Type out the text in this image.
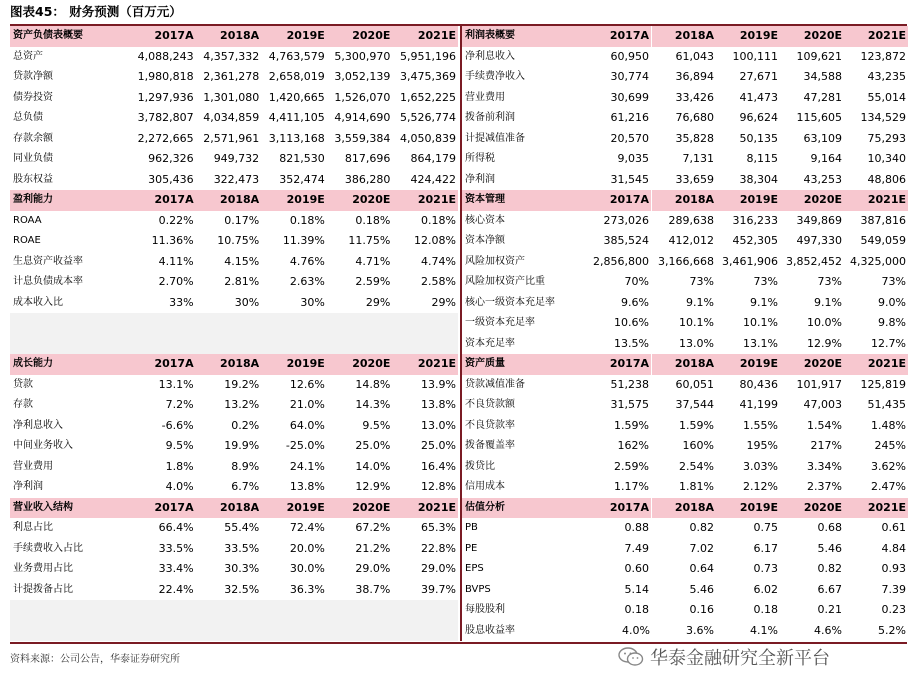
图表45： 财务预测（百万元）
资产负债表概要	2017A	2018A	2019E	2020E	2021E
总资产	4,088,243	4,357,332	4,763,579	5,300,970	5,951,196
贷款净额	1,980,818	2,361,278	2,658,019	3,052,139	3,475,369
债券投资	1,297,936	1,301,080	1,420,665	1,526,070	1,652,225
总负债	3,782,807	4,034,859	4,411,105	4,914,690	5,526,774
存款余额	2,272,665	2,571,961	3,113,168	3,559,384	4,050,839
同业负债	962,326	949,732	821,530	817,696	864,179
股东权益	305,436	322,473	352,474	386,280	424,422
盈利能力	2017A	2018A	2019E	2020E	2021E
ROAA	0.22%	0.17%	0.18%	0.18%	0.18%
ROAE	11.36%	10.75%	11.39%	11.75%	12.08%
生息资产收益率	4.11%	4.15%	4.76%	4.71%	4.74%
计息负债成本率	2.70%	2.81%	2.63%	2.59%	2.58%
成本收入比	33%	30%	30%	29%	29%

成长能力	2017A	2018A	2019E	2020E	2021E
贷款	13.1%	19.2%	12.6%	14.8%	13.9%
存款	7.2%	13.2%	21.0%	14.3%	13.8%
净利息收入	-6.6%	0.2%	64.0%	9.5%	13.0%
中间业务收入	9.5%	19.9%	-25.0%	25.0%	25.0%
营业费用	1.8%	8.9%	24.1%	14.0%	16.4%
净利润	4.0%	6.7%	13.8%	12.9%	12.8%
营业收入结构	2017A	2018A	2019E	2020E	2021E
利息占比	66.4%	55.4%	72.4%	67.2%	65.3%
手续费收入占比	33.5%	33.5%	20.0%	21.2%	22.8%
业务费用占比	33.4%	30.3%	30.0%	29.0%	29.0%
计提拨备占比	22.4%	32.5%	36.3%	38.7%	39.7%

利润表概要	2017A	2018A	2019E	2020E	2021E
净利息收入	60,950	61,043	100,111	109,621	123,872
手续费净收入	30,774	36,894	27,671	34,588	43,235
营业费用	30,699	33,426	41,473	47,281	55,014
拨备前利润	61,216	76,680	96,624	115,605	134,529
计提减值准备	20,570	35,828	50,135	63,109	75,293
所得税	9,035	7,131	8,115	9,164	10,340
净利润	31,545	33,659	38,304	43,253	48,806
资本管理	2017A	2018A	2019E	2020E	2021E
核心资本	273,026	289,638	316,233	349,869	387,816
资本净额	385,524	412,012	452,305	497,330	549,059
风险加权资产	2,856,800	3,166,668	3,461,906	3,852,452	4,325,000
风险加权资产比重	70%	73%	73%	73%	73%
核心一级资本充足率	9.6%	9.1%	9.1%	9.1%	9.0%
一级资本充足率	10.6%	10.1%	10.1%	10.0%	9.8%
资本充足率	13.5%	13.0%	13.1%	12.9%	12.7%
资产质量	2017A	2018A	2019E	2020E	2021E
贷款减值准备	51,238	60,051	80,436	101,917	125,819
不良贷款额	31,575	37,544	41,199	47,003	51,435
不良贷款率	1.59%	1.59%	1.55%	1.54%	1.48%
拨备覆盖率	162%	160%	195%	217%	245%
拨贷比	2.59%	2.54%	3.03%	3.34%	3.62%
信用成本	1.17%	1.81%	2.12%	2.37%	2.47%
估值分析	2017A	2018A	2019E	2020E	2021E
PB	0.88	0.82	0.75	0.68	0.61
PE	7.49	7.02	6.17	5.46	4.84
EPS	0.60	0.64	0.73	0.82	0.93
BVPS	5.14	5.46	6.02	6.67	7.39
每股股利	0.18	0.16	0.18	0.21	0.23
股息收益率	4.0%	3.6%	4.1%	4.6%	5.2%
资料来源：公司公告，华泰证券研究所	华泰金融研究全新平台
